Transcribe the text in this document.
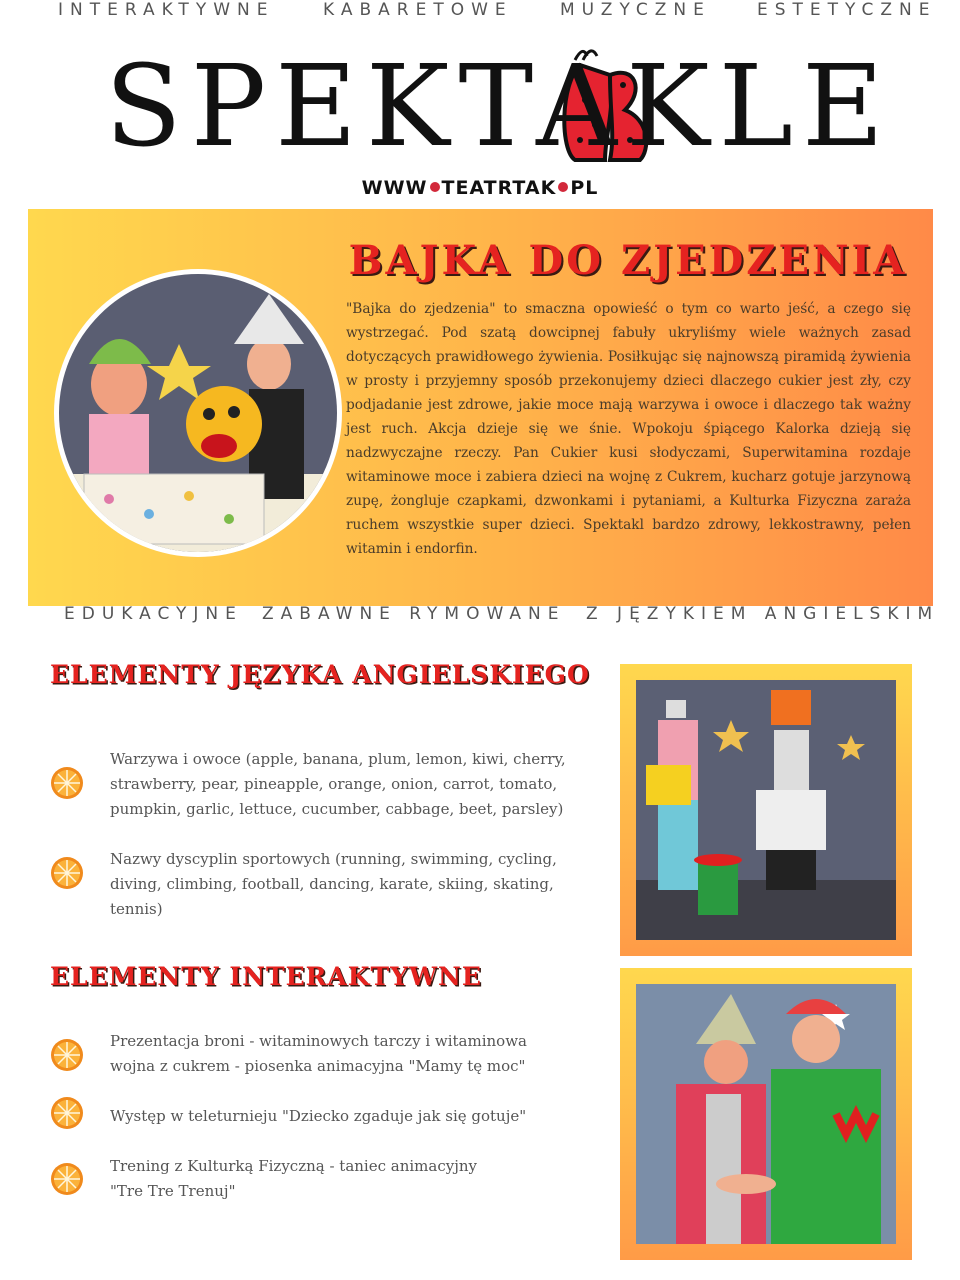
INTERAKTYWNE	KABARETOWE	MUZYCZNE	ESTETYCZNE
SPEKTAKLE
WWW TEATRTAK PL
BAJKA DO ZJEDZENIA
"Bajka do zjedzenia" to smaczna opowieść o tym co warto jeść, a czego się wystrzegać. Pod szatą dowcipnej fabuły ukryliśmy wiele ważnych zasad dotyczących prawidłowego żywienia. Posiłkując się najnowszą piramidą żywienia w prosty i przyjemny sposób przekonujemy dzieci dlaczego cukier jest zły, czy podjadanie jest zdrowe, jakie moce mają warzywa i owoce i dlaczego tak ważny jest ruch. Akcja dzieje się we śnie. Wpokoju śpiącego Kalorka dzieją się nadzwyczajne rzeczy. Pan Cukier kusi słodyczami, Superwitamina rozdaje witaminowe moce i zabiera dzieci na wojnę z Cukrem, kucharz gotuje jarzynową zupę, żongluje czapkami, dzwonkami i pytaniami, a Kulturka Fizyczna zaraża ruchem wszystkie super dzieci. Spektakl bardzo zdrowy, lekkostrawny, pełen witamin i endorfin.
EDUKACYJNE ZABAWNE RYMOWANE Z JĘZYKIEM ANGIELSKIM
ELEMENTY JĘZYKA ANGIELSKIEGO
Warzywa i owoce (apple, banana, plum, lemon, kiwi, cherry, strawberry, pear, pineapple, orange, onion, carrot, tomato, pumpkin, garlic, lettuce, cucumber, cabbage, beet, parsley)
Nazwy dyscyplin sportowych (running, swimming, cycling, diving, climbing, football, dancing, karate, skiing, skating, tennis)
ELEMENTY INTERAKTYWNE
Prezentacja broni - witaminowych tarczy i witaminowa wojna z cukrem - piosenka animacyjna "Mamy tę moc"
Występ w teleturnieju "Dziecko zgaduje jak się gotuje"
Trening z Kulturką Fizyczną - taniec animacyjny "Tre Tre Trenuj"
